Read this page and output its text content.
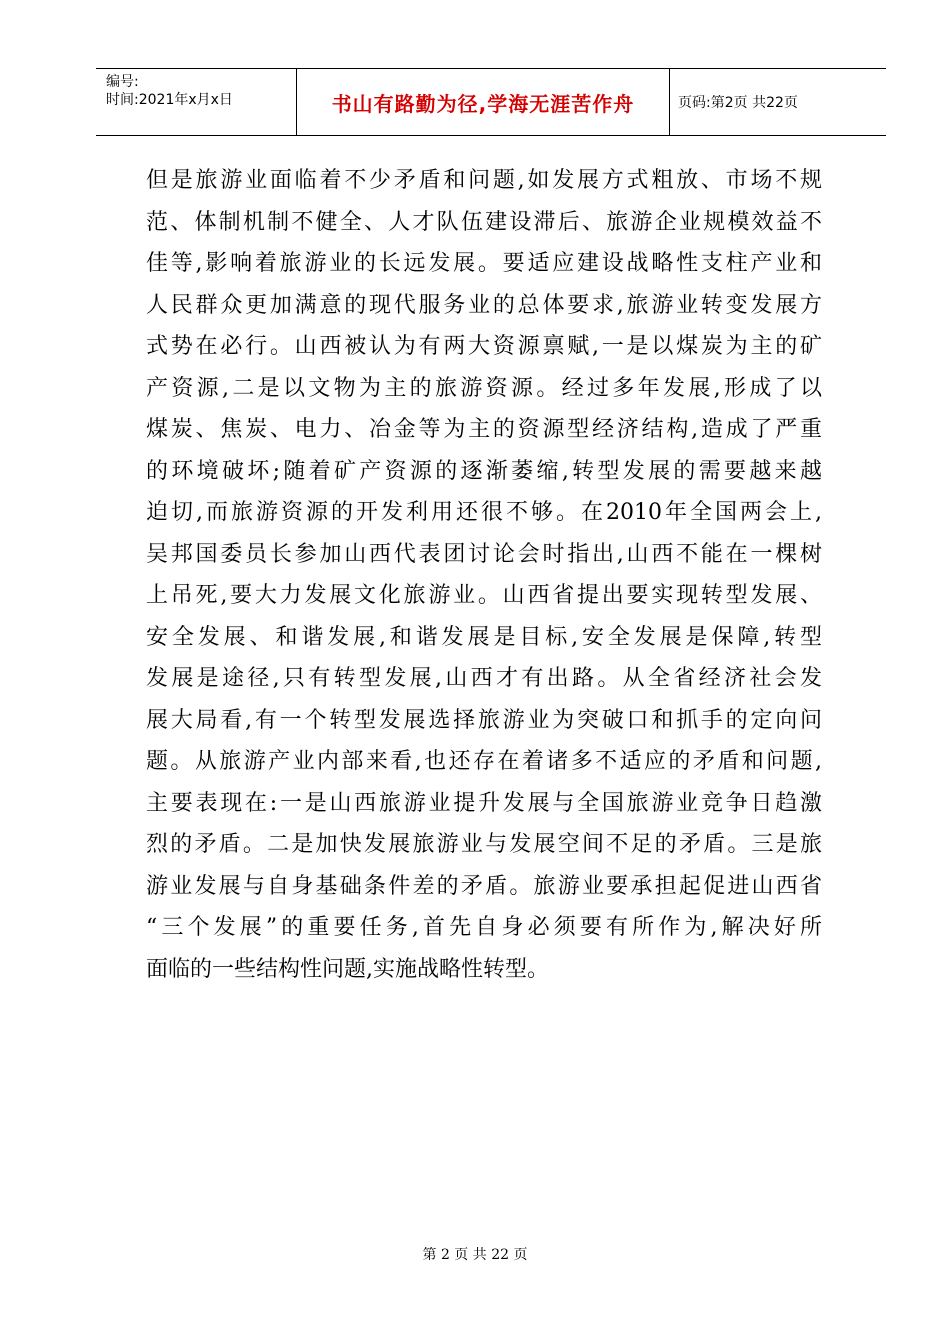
编号:
时间:2021年x月x日	书山有路勤为径,学海无涯苦作舟	页码:第2页 共22页
但是旅游业面临着不少矛盾和问题,如发展方式粗放、市场不规
范、体制机制不健全、人才队伍建设滞后、旅游企业规模效益不
佳等,影响着旅游业的长远发展。要适应建设战略性支柱产业和
人民群众更加满意的现代服务业的总体要求,旅游业转变发展方
式势在必行。山西被认为有两大资源禀赋,一是以煤炭为主的矿
产资源,二是以文物为主的旅游资源。经过多年发展,形成了以
煤炭、焦炭、电力、冶金等为主的资源型经济结构,造成了严重
的环境破坏;随着矿产资源的逐渐萎缩,转型发展的需要越来越
迫切,而旅游资源的开发利用还很不够。在2010年全国两会上,
吴邦国委员长参加山西代表团讨论会时指出,山西不能在一棵树
上吊死,要大力发展文化旅游业。山西省提出要实现转型发展、
安全发展、和谐发展,和谐发展是目标,安全发展是保障,转型
发展是途径,只有转型发展,山西才有出路。从全省经济社会发
展大局看,有一个转型发展选择旅游业为突破口和抓手的定向问
题。从旅游产业内部来看,也还存在着诸多不适应的矛盾和问题,
主要表现在:一是山西旅游业提升发展与全国旅游业竞争日趋激
烈的矛盾。二是加快发展旅游业与发展空间不足的矛盾。三是旅
游业发展与自身基础条件差的矛盾。旅游业要承担起促进山西省
“三个发展”的重要任务,首先自身必须要有所作为,解决好所
面临的一些结构性问题,实施战略性转型。
第 2 页 共 22 页
